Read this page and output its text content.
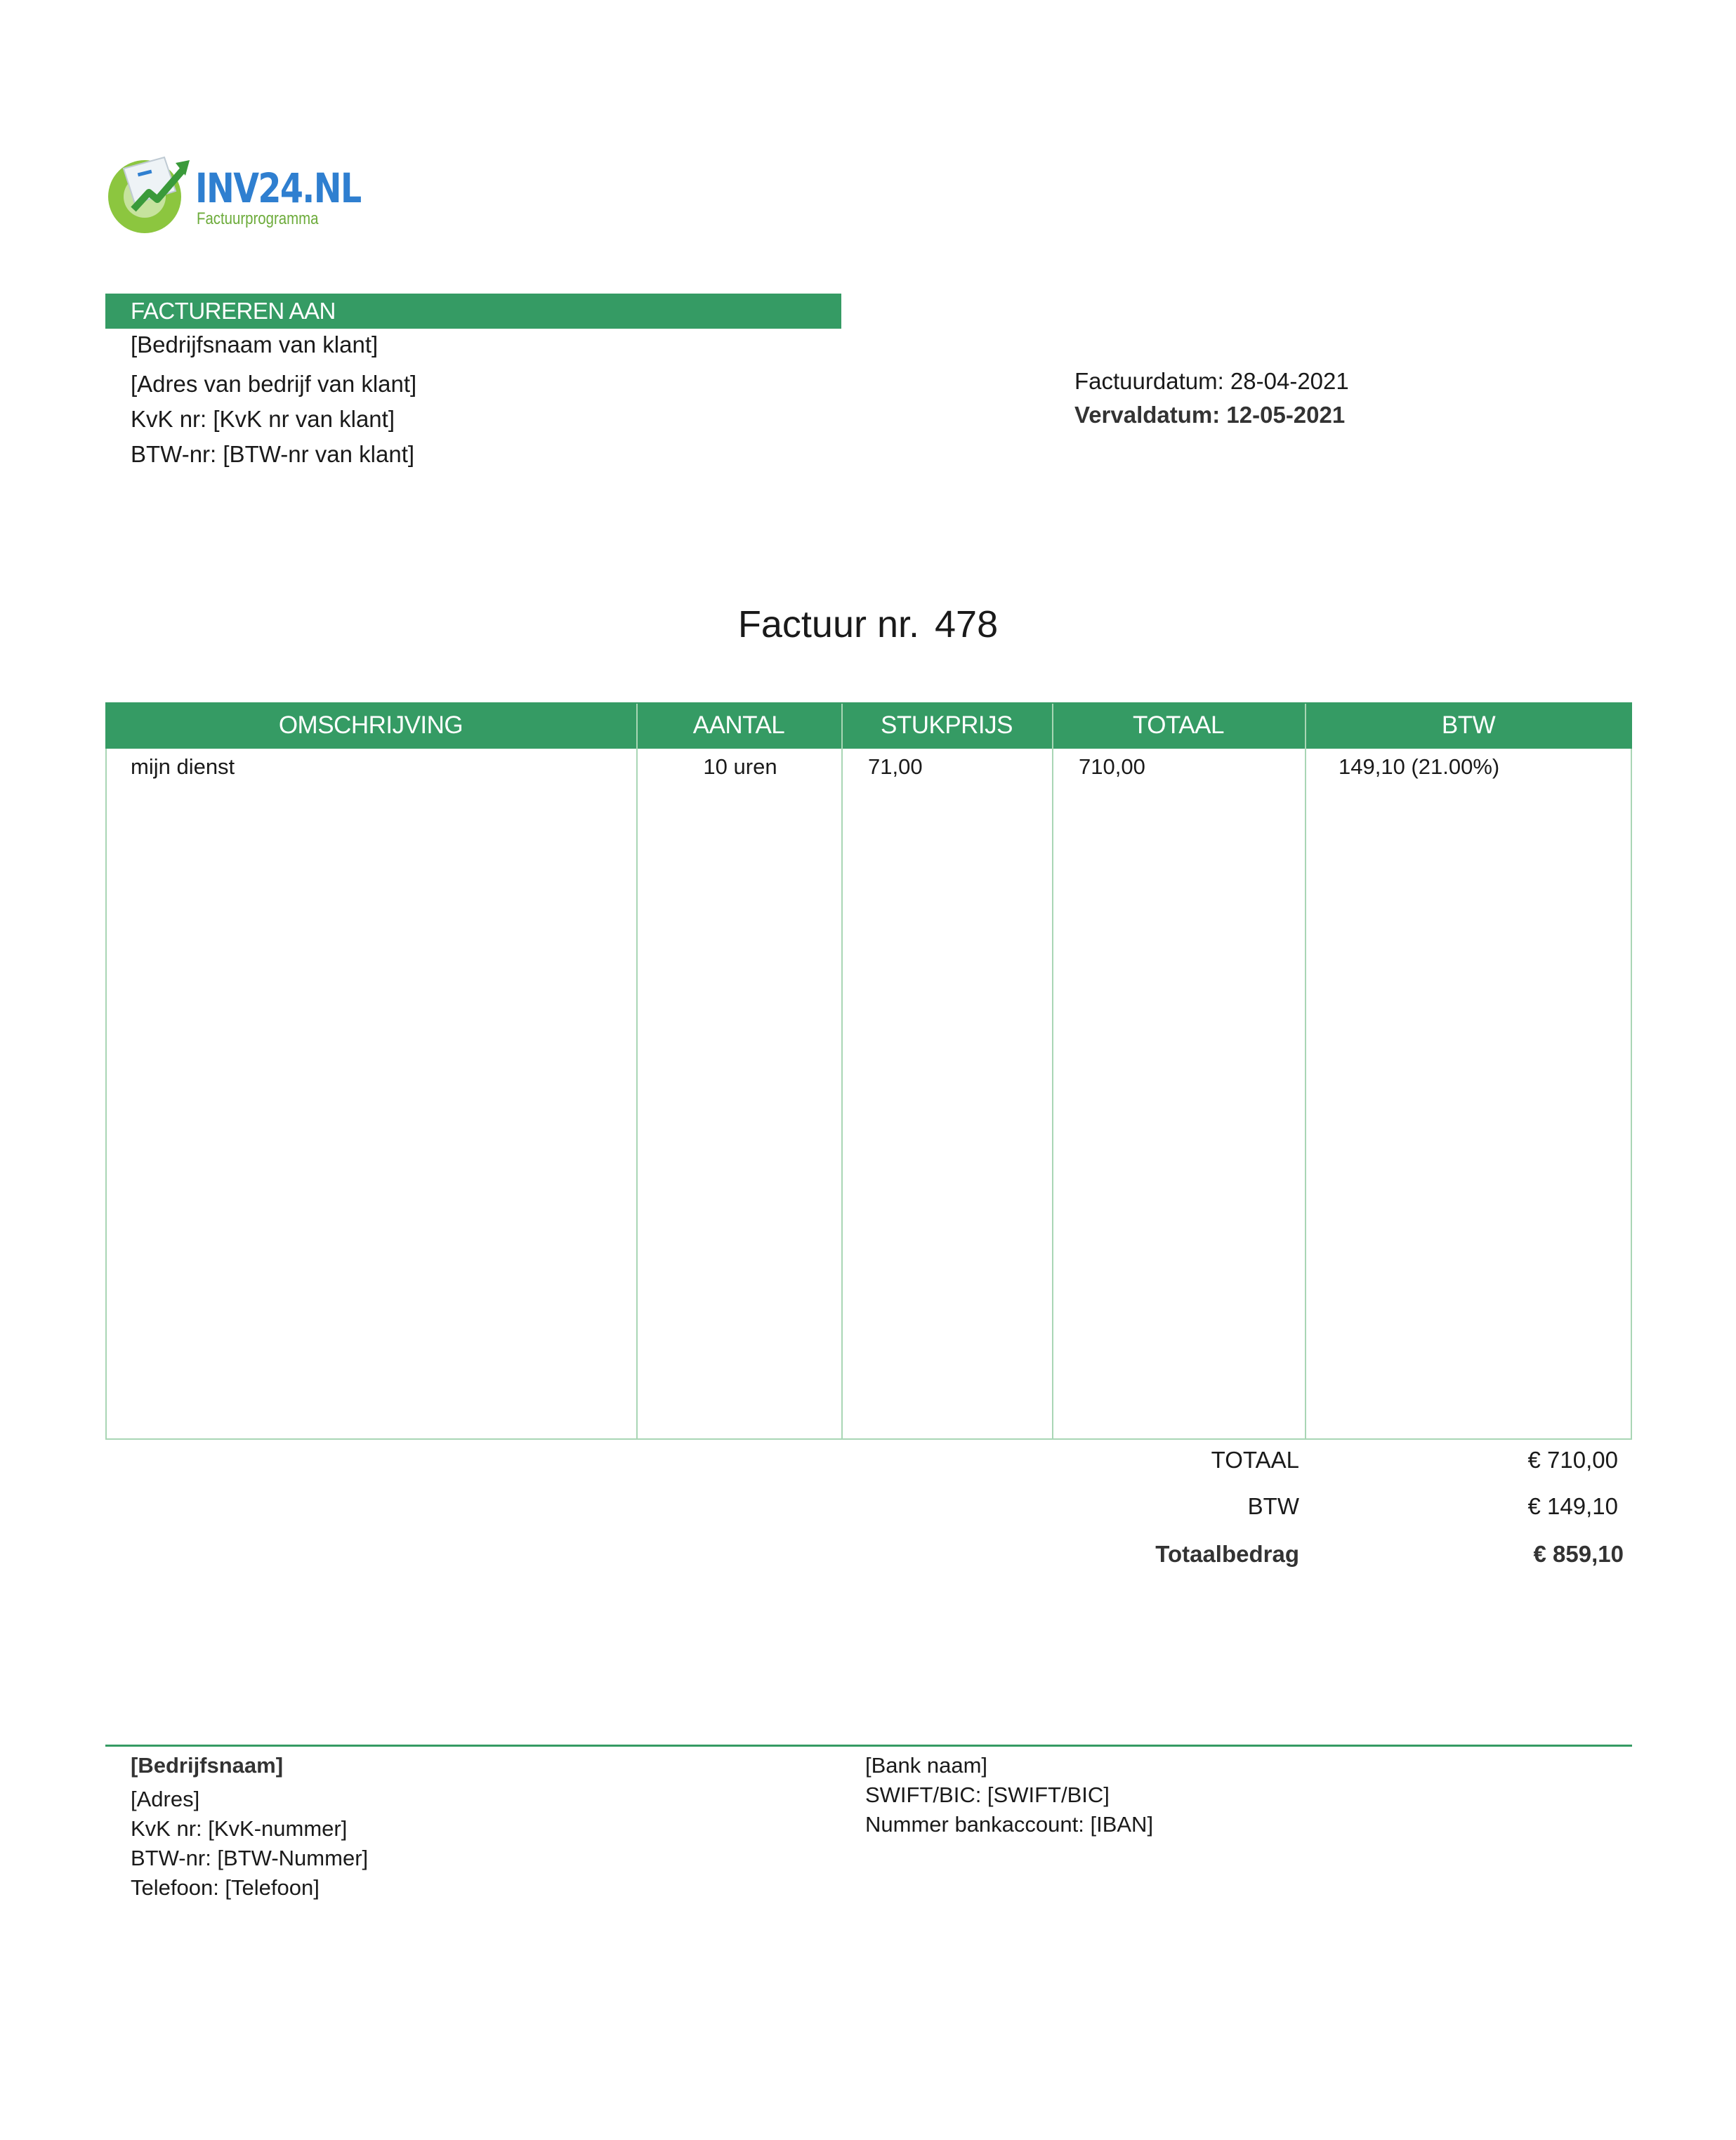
INV24.NL
Factuurprogramma
FACTUREREN AAN
[Bedrijfsnaam van klant]
[Adres van bedrijf van klant]
KvK nr: [KvK nr van klant]
BTW-nr: [BTW-nr van klant]
Factuurdatum: 28-04-2021
Vervaldatum: 12-05-2021
Factuur nr. 478
OMSCHRIJVING	AANTAL	STUKPRIJS	TOTAAL	BTW
mijn dienst	10 uren	71,00	710,00	149,10 (21.00%)
TOTAAL	€ 710,00
BTW	€ 149,10
Totaalbedrag	€ 859,10
[Bedrijfsnaam]
[Adres]
KvK nr: [KvK-nummer]
BTW-nr: [BTW-Nummer]
Telefoon: [Telefoon]
[Bank naam]
SWIFT/BIC: [SWIFT/BIC]
Nummer bankaccount: [IBAN]
